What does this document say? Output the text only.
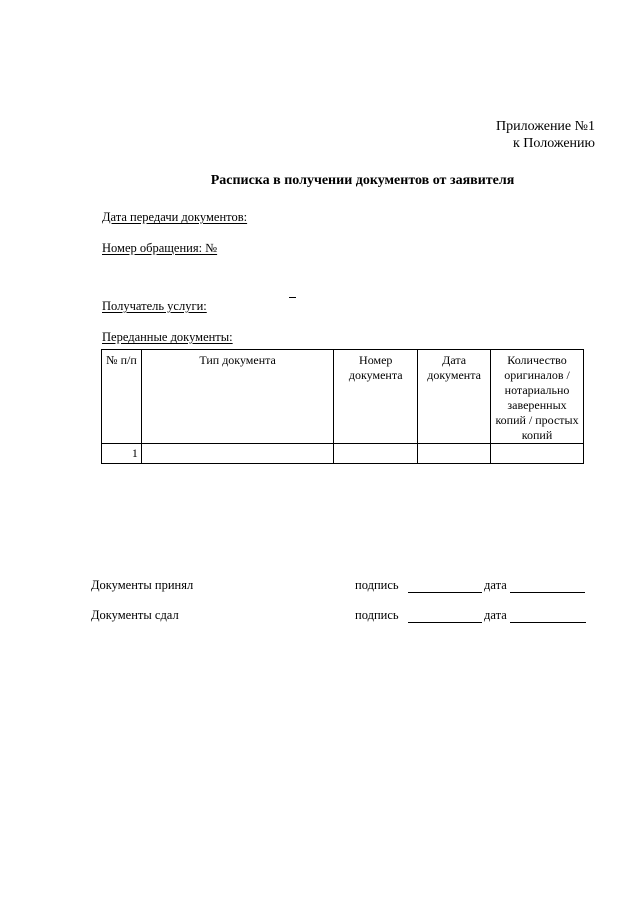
Приложение №1
к Положению
Расписка в получении документов от заявителя
Дата передачи документов:
Номер обращения: №
Получатель услуги:
Переданные документы:
№ п/п	Тип документа	Номер документа	Дата документа	Количество оригиналов / нотариально заверенных копий / простых копий
1				
Документы принял	подпись	дата
Документы сдал	подпись	дата
